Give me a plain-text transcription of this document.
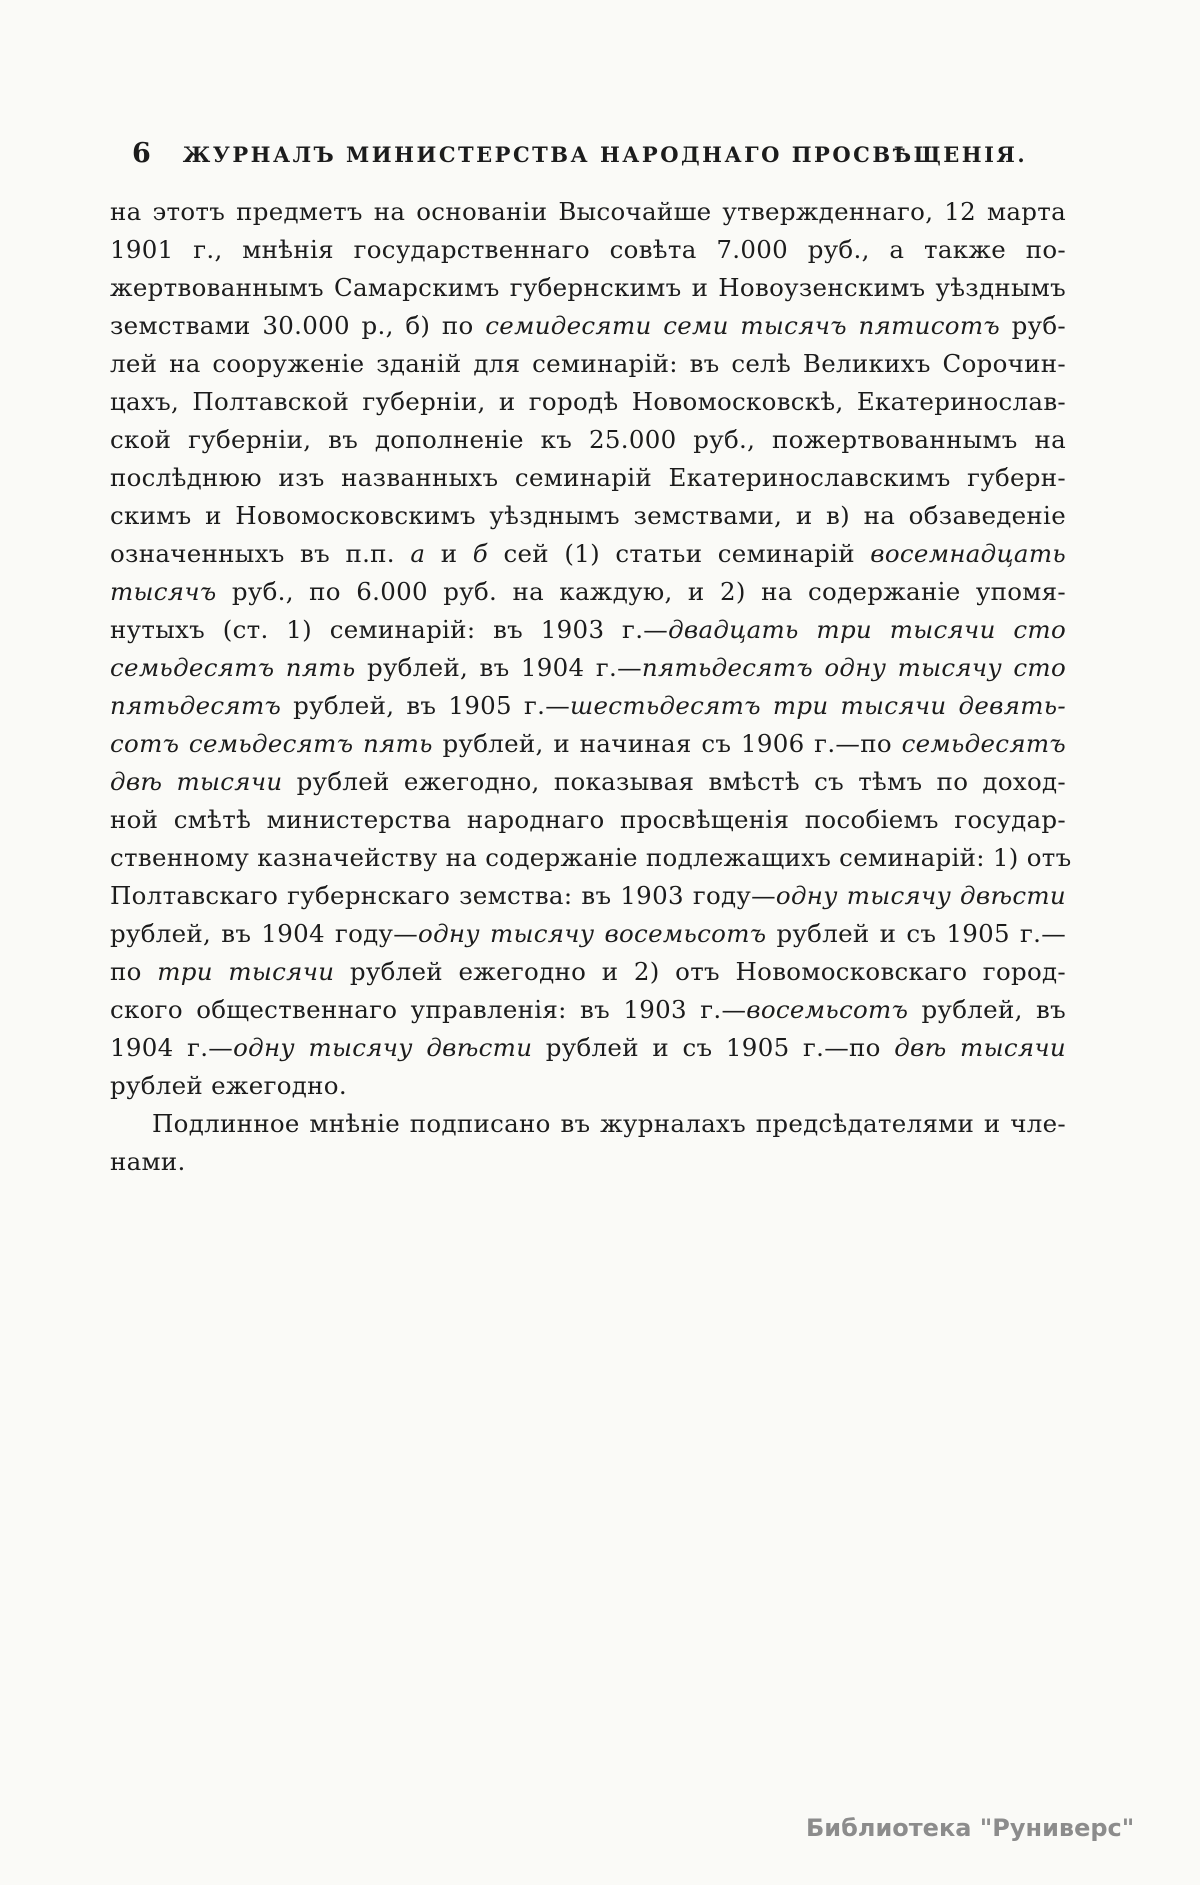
6	ЖУРНАЛЪ МИНИСТЕРСТВА НАРОДНАГО ПРОСВѢЩЕНІЯ.
на этотъ предметъ на основаніи Высочайше утвержденнаго, 12 марта
1901 г., мнѣнія государственнаго совѣта 7.000 руб., а также по-
жертвованнымъ Самарскимъ губернскимъ и Новоузенскимъ уѣзднымъ
земствами 30.000 р., б) по семидесяти семи тысячъ пятисотъ руб-
лей на сооруженіе зданій для семинарій: въ селѣ Великихъ Сорочин-
цахъ, Полтавской губерніи, и городѣ Новомосковскѣ, Екатеринослав-
ской губерніи, въ дополненіе къ 25.000 руб., пожертвованнымъ на
послѣднюю изъ названныхъ семинарій Екатеринославскимъ губерн-
скимъ и Новомосковскимъ уѣзднымъ земствами, и в) на обзаведеніе
означенныхъ въ п.п. а и б сей (1) статьи семинарій восемнадцать
тысячъ руб., по 6.000 руб. на каждую, и 2) на содержаніе упомя-
нутыхъ (ст. 1) семинарій: въ 1903 г.—двадцать три тысячи сто
семьдесятъ пять рублей, въ 1904 г.—пятьдесятъ одну тысячу сто
пятьдесятъ рублей, въ 1905 г.—шестьдесятъ три тысячи девять-
сотъ семьдесятъ пять рублей, и начиная съ 1906 г.—по семьдесятъ
двѣ тысячи рублей ежегодно, показывая вмѣстѣ съ тѣмъ по доход-
ной смѣтѣ министерства народнаго просвѣщенія пособіемъ государ-
ственному казначейству на содержаніе подлежащихъ семинарій: 1) отъ
Полтавскаго губернскаго земства: въ 1903 году—одну тысячу двѣсти
рублей, въ 1904 году—одну тысячу восемьсотъ рублей и съ 1905 г.—
по три тысячи рублей ежегодно и 2) отъ Новомосковскаго город-
ского общественнаго управленія: въ 1903 г.—восемьсотъ рублей, въ
1904 г.—одну тысячу двѣсти рублей и съ 1905 г.—по двѣ тысячи
рублей ежегодно.
Подлинное мнѣніе подписано въ журналахъ предсѣдателями и чле-
нами.
Библиотека "Руниверс"
